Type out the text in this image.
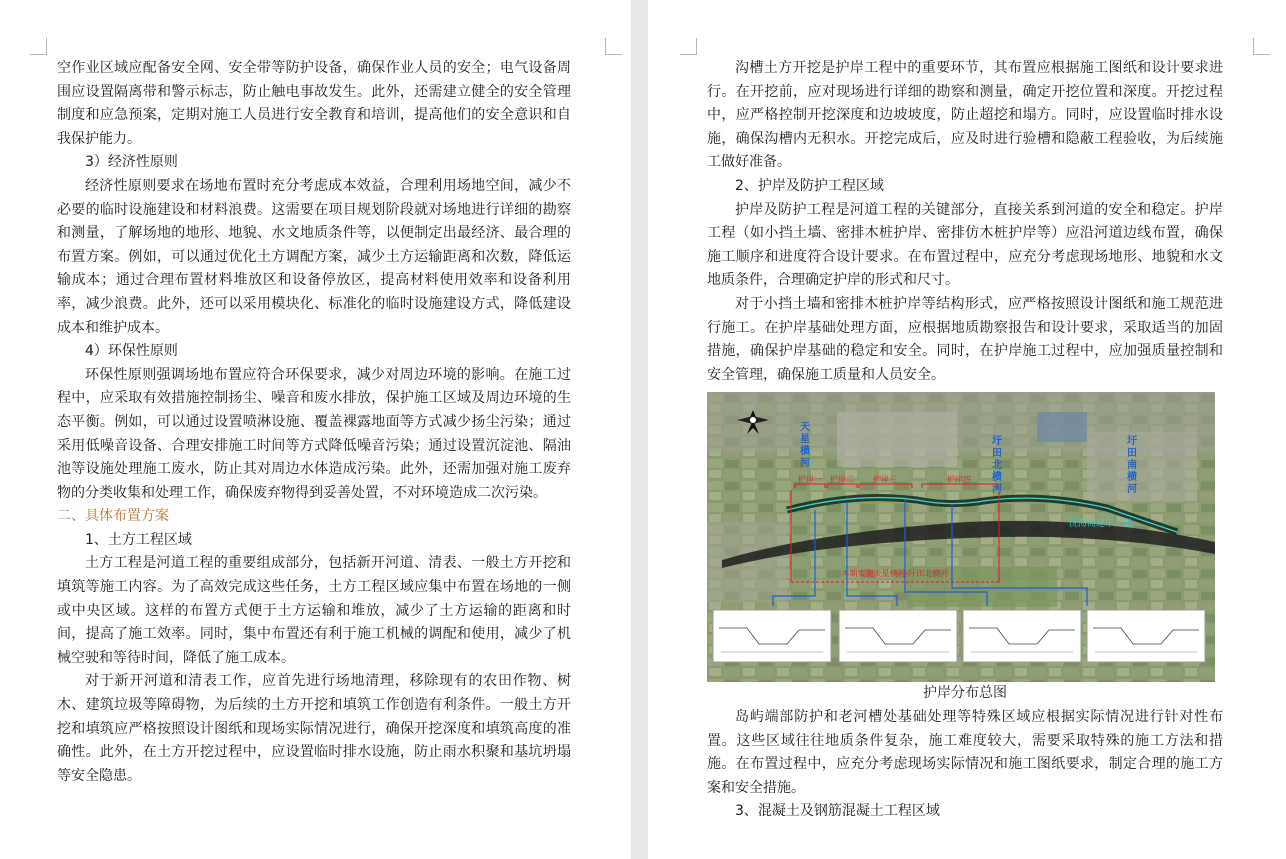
空作业区域应配备安全网、安全带等防护设备，确保作业人员的安全；电气设备周围应设置隔离带和警示标志，防止触电事故发生。此外，还需建立健全的安全管理制度和应急预案，定期对施工人员进行安全教育和培训，提高他们的安全意识和自我保护能力。

3）经济性原则

经济性原则要求在场地布置时充分考虑成本效益，合理利用场地空间，减少不必要的临时设施建设和材料浪费。这需要在项目规划阶段就对场地进行详细的勘察和测量，了解场地的地形、地貌、水文地质条件等，以便制定出最经济、最合理的布置方案。例如，可以通过优化土方调配方案，减少土方运输距离和次数，降低运输成本；通过合理布置材料堆放区和设备停放区，提高材料使用效率和设备利用率，减少浪费。此外，还可以采用模块化、标准化的临时设施建设方式，降低建设成本和维护成本。

4）环保性原则

环保性原则强调场地布置应符合环保要求，减少对周边环境的影响。在施工过程中，应采取有效措施控制扬尘、噪音和废水排放，保护施工区域及周边环境的生态平衡。例如，可以通过设置喷淋设施、覆盖裸露地面等方式减少扬尘污染；通过采用低噪音设备、合理安排施工时间等方式降低噪音污染；通过设置沉淀池、隔油池等设施处理施工废水，防止其对周边水体造成污染。此外，还需加强对施工废弃物的分类收集和处理工作，确保废弃物得到妥善处置，不对环境造成二次污染。

二、具体布置方案

1、土方工程区域

土方工程是河道工程的重要组成部分，包括新开河道、清表、一般土方开挖和填筑等施工内容。为了高效完成这些任务，土方工程区域应集中布置在场地的一侧或中央区域。这样的布置方式便于土方运输和堆放，减少了土方运输的距离和时间，提高了施工效率。同时，集中布置还有利于施工机械的调配和使用，减少了机械空驶和等待时间，降低了施工成本。

对于新开河道和清表工作，应首先进行场地清理，移除现有的农田作物、树木、建筑垃圾等障碍物，为后续的土方开挖和填筑工作创造有利条件。一般土方开挖和填筑应严格按照设计图纸和现场实际情况进行，确保开挖深度和填筑高度的准确性。此外，在土方开挖过程中，应设置临时排水设施，防止雨水积聚和基坑坍塌等安全隐患。

沟槽土方开挖是护岸工程中的重要环节，其布置应根据施工图纸和设计要求进行。在开挖前，应对现场进行详细的勘察和测量，确定开挖位置和深度。开挖过程中，应严格控制开挖深度和边坡坡度，防止超挖和塌方。同时，应设置临时排水设施，确保沟槽内无积水。开挖完成后，应及时进行验槽和隐蔽工程验收，为后续施工做好准备。

2、护岸及防护工程区域

护岸及防护工程是河道工程的关键部分，直接关系到河道的安全和稳定。护岸工程（如小挡土墙、密排木桩护岸、密排仿木桩护岸等）应沿河道边线布置，确保施工顺序和进度符合设计要求。在布置过程中，应充分考虑现场地形、地貌和水文地质条件，合理确定护岸的形式和尺寸。

对于小挡土墙和密排木桩护岸等结构形式，应严格按照设计图纸和施工规范进行施工。在护岸基础处理方面，应根据地质勘察报告和设计要求，采取适当的加固措施，确保护岸基础的稳定和安全。同时，在护岸施工过程中，应加强质量控制和安全管理，确保施工质量和人员安全。

天
星
横
河
圩
田
北
横
河
圩
田
南
横
河
护岸一 护岸二 护岸三	护岸四
本期实施天星横河-圩田北横河
沈海高速东河道

护岸分布总图

岛屿端部防护和老河槽处基础处理等特殊区域应根据实际情况进行针对性布置。这些区域往往地质条件复杂，施工难度较大，需要采取特殊的施工方法和措施。在布置过程中，应充分考虑现场实际情况和施工图纸要求，制定合理的施工方案和安全措施。

3、混凝土及钢筋混凝土工程区域
